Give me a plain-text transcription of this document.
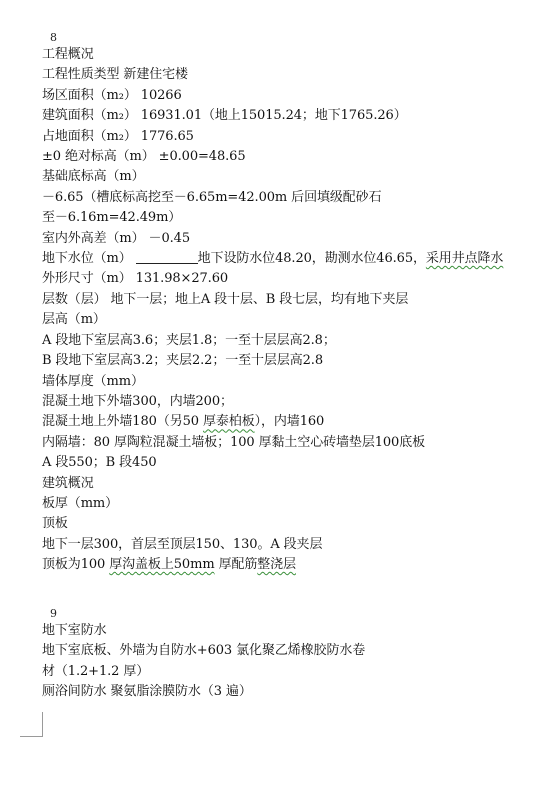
8
工程概况
工程性质类型 新建住宅楼
场区面积（m₂） 10266
建筑面积（m₂） 16931.01（地上15015.24；地下1765.26）
占地面积（m₂） 1776.65
±0 绝对标高（m） ±0.00=48.65
基础底标高（m）
－6.65（槽底标高挖至－6.65m=42.00m 后回填级配砂石
至－6.16m=42.49m）
室内外高差（m） －0.45
地下水位（m）	地下设防水位48.20，勘测水位46.65，采用井点降水
外形尺寸（m） 131.98×27.60
层数（层） 地下一层；地上A 段十层、B 段七层，均有地下夹层
层高（m）
A 段地下室层高3.6；夹层1.8；一至十层层高2.8；
B 段地下室层高3.2；夹层2.2；一至十层层高2.8
墙体厚度（mm）
混凝土地下外墙300，内墙200；
混凝土地上外墙180（另50 厚泰柏板），内墙160
内隔墙：80 厚陶粒混凝土墙板；100 厚黏土空心砖墙垫层100底板
A 段550；B 段450
建筑概况
板厚（mm）
顶板
地下一层300，首层至顶层150、130。A 段夹层
顶板为100 厚沟盖板上50mm 厚配筋整浇层
9
地下室防水
地下室底板、外墙为自防水+603 氯化聚乙烯橡胶防水卷
材（1.2+1.2 厚）
厕浴间防水 聚氨脂涂膜防水（3 遍）
